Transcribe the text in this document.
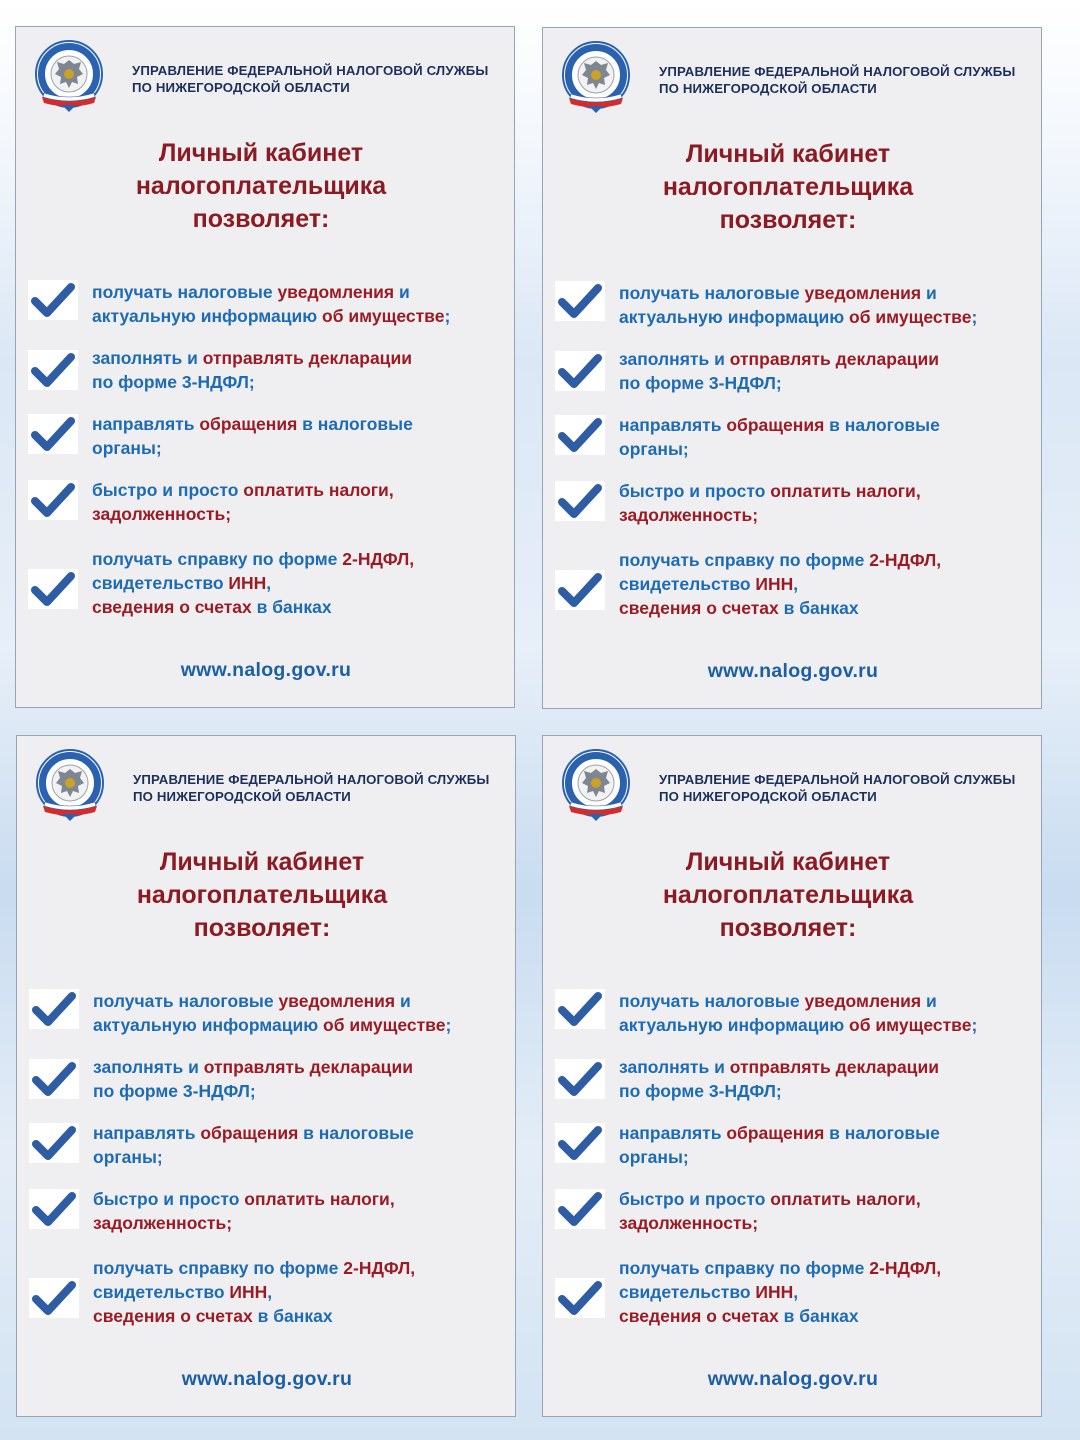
УПРАВЛЕНИЕ ФЕДЕРАЛЬНОЙ НАЛОГОВОЙ СЛУЖБЫ
ПО НИЖЕГОРОДСКОЙ ОБЛАСТИ
Личный кабинет
налогоплательщика
позволяет:
получать налоговые уведомления и
актуальную информацию об имуществе;
заполнять и отправлять декларации
по форме 3-НДФЛ;
направлять обращения в налоговые
органы;
быстро и просто оплатить налоги,
задолженность;
получать справку по форме 2-НДФЛ,
свидетельство ИНН,
сведения о счетах в банках
www.nalog.gov.ru
УПРАВЛЕНИЕ ФЕДЕРАЛЬНОЙ НАЛОГОВОЙ СЛУЖБЫ
ПО НИЖЕГОРОДСКОЙ ОБЛАСТИ
Личный кабинет
налогоплательщика
позволяет:
получать налоговые уведомления и
актуальную информацию об имуществе;
заполнять и отправлять декларации
по форме 3-НДФЛ;
направлять обращения в налоговые
органы;
быстро и просто оплатить налоги,
задолженность;
получать справку по форме 2-НДФЛ,
свидетельство ИНН,
сведения о счетах в банках
www.nalog.gov.ru
УПРАВЛЕНИЕ ФЕДЕРАЛЬНОЙ НАЛОГОВОЙ СЛУЖБЫ
ПО НИЖЕГОРОДСКОЙ ОБЛАСТИ
Личный кабинет
налогоплательщика
позволяет:
получать налоговые уведомления и
актуальную информацию об имуществе;
заполнять и отправлять декларации
по форме 3-НДФЛ;
направлять обращения в налоговые
органы;
быстро и просто оплатить налоги,
задолженность;
получать справку по форме 2-НДФЛ,
свидетельство ИНН,
сведения о счетах в банках
www.nalog.gov.ru
УПРАВЛЕНИЕ ФЕДЕРАЛЬНОЙ НАЛОГОВОЙ СЛУЖБЫ
ПО НИЖЕГОРОДСКОЙ ОБЛАСТИ
Личный кабинет
налогоплательщика
позволяет:
получать налоговые уведомления и
актуальную информацию об имуществе;
заполнять и отправлять декларации
по форме 3-НДФЛ;
направлять обращения в налоговые
органы;
быстро и просто оплатить налоги,
задолженность;
получать справку по форме 2-НДФЛ,
свидетельство ИНН,
сведения о счетах в банках
www.nalog.gov.ru
